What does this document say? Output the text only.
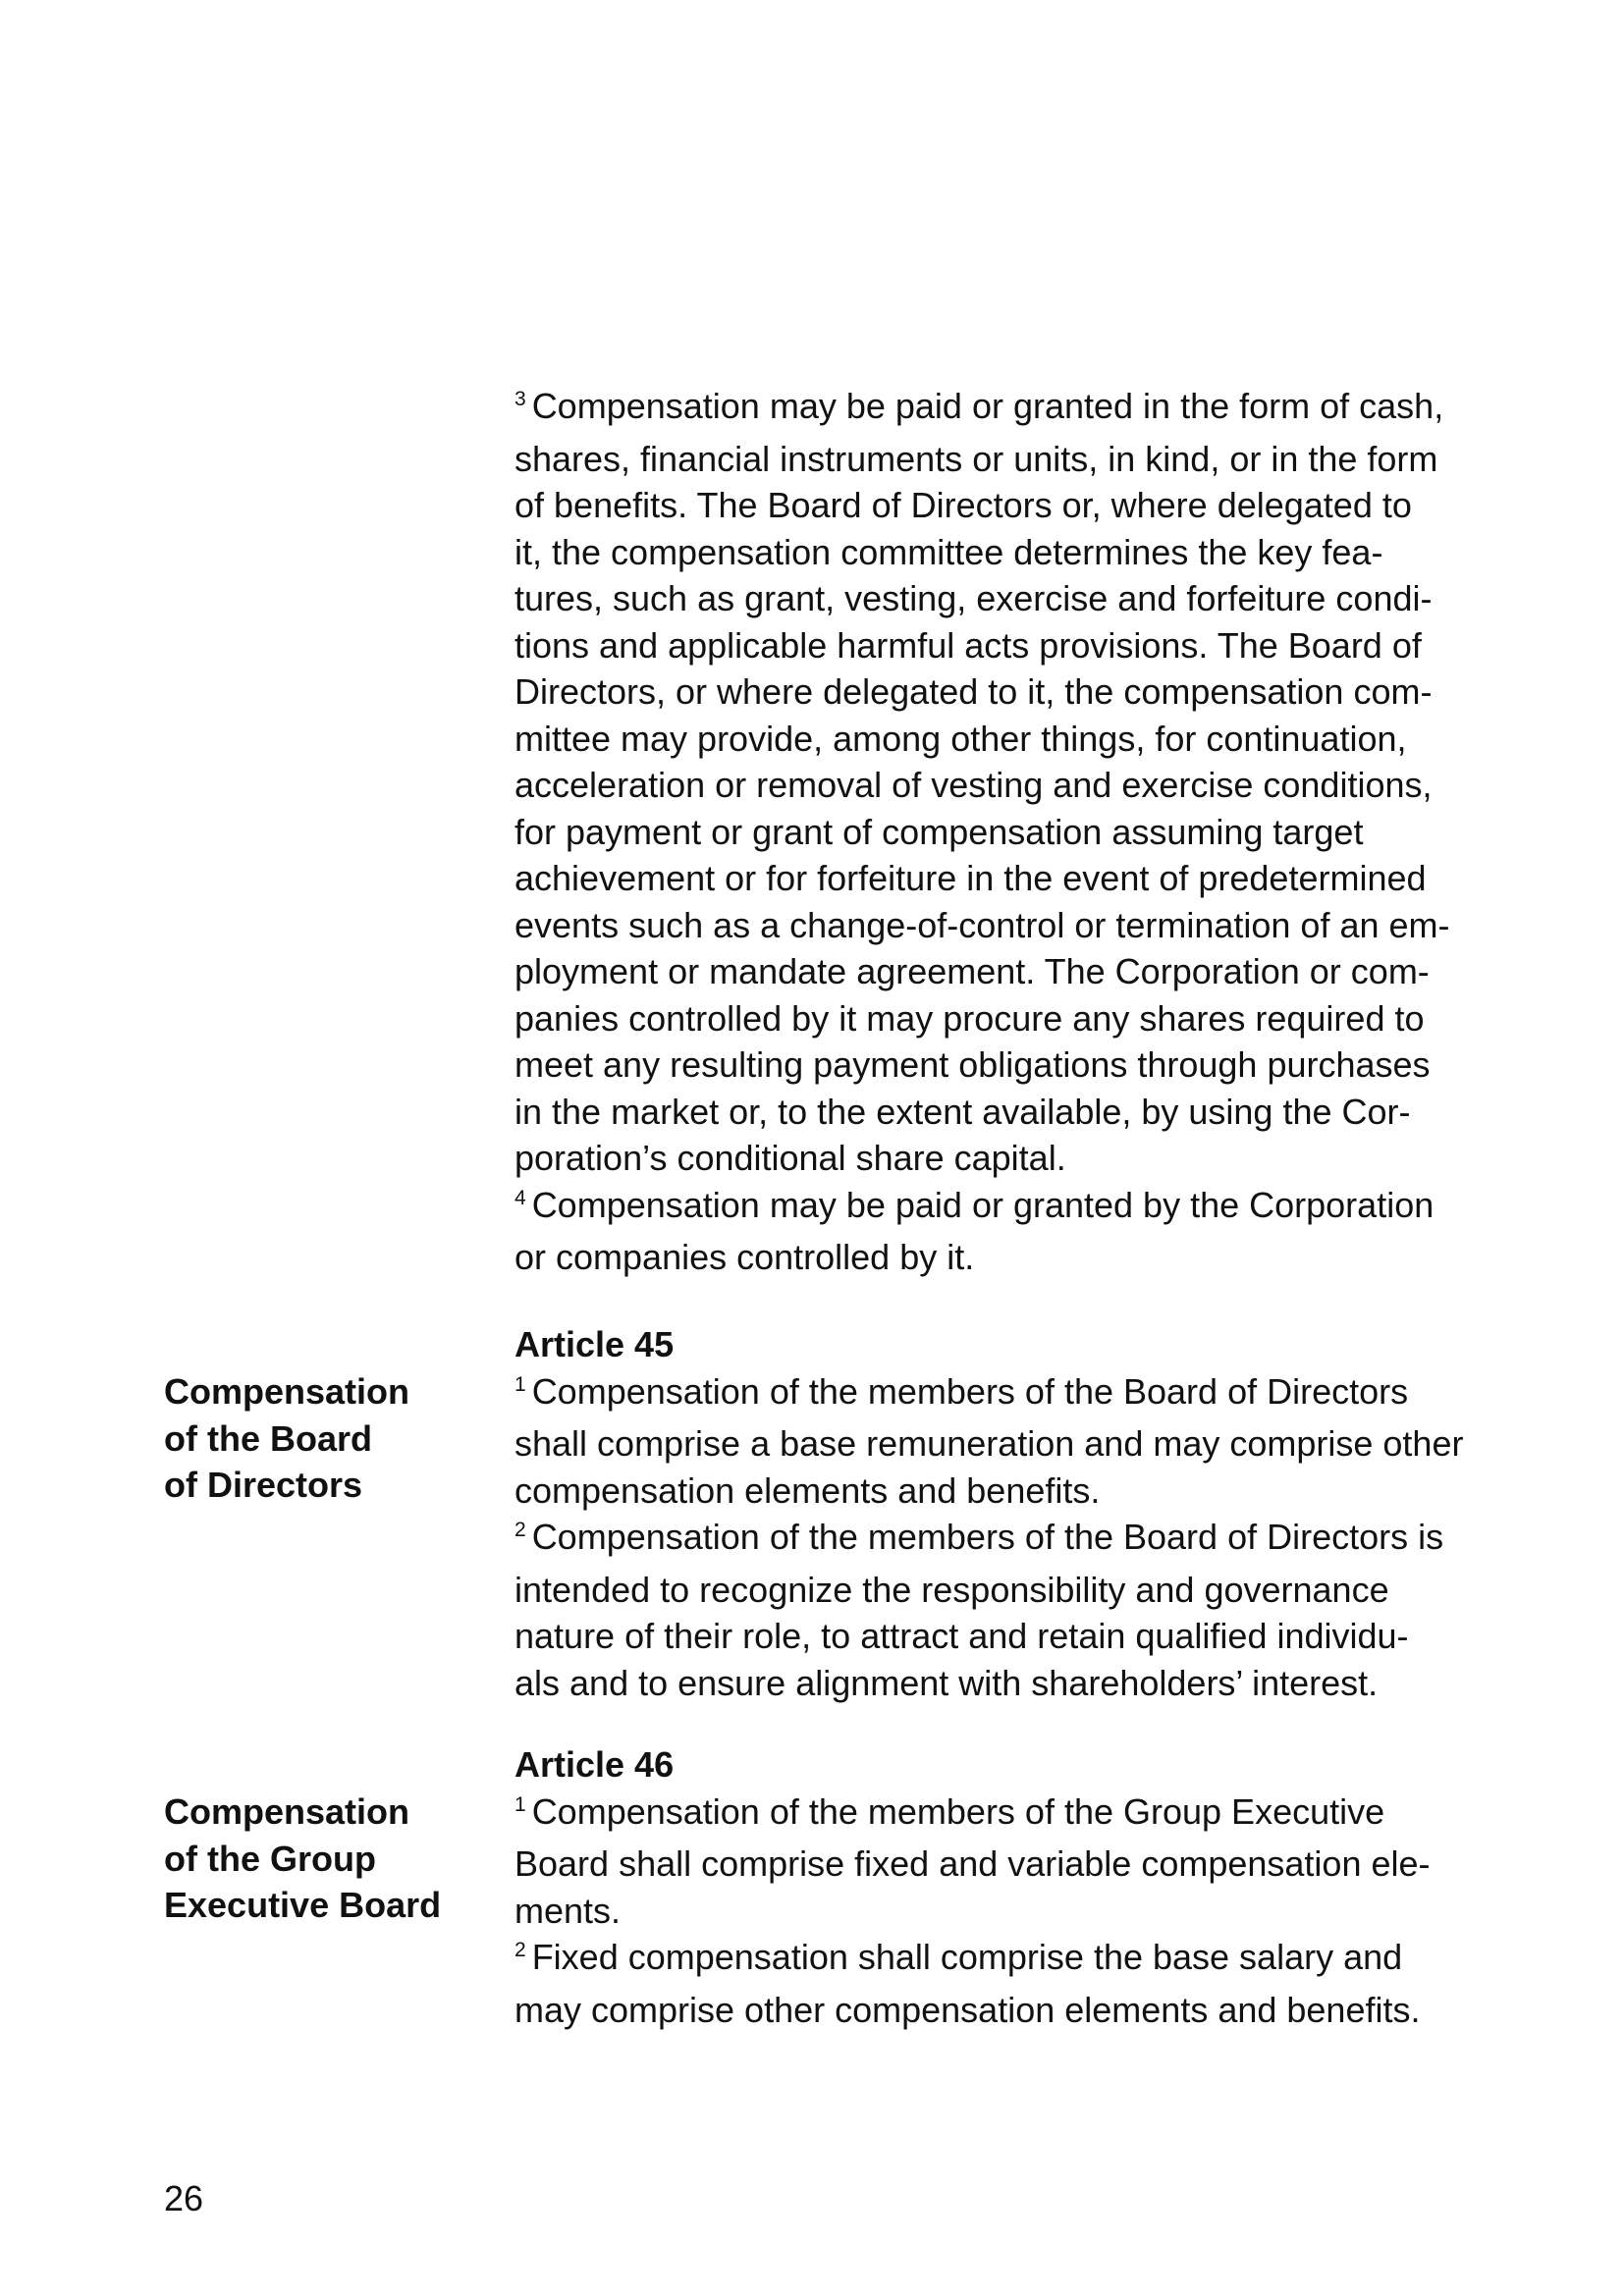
$^3$ Compensation may be paid or granted in the form of cash,
shares, financial instruments or units, in kind, or in the form
of benefits. The Board of Directors or, where delegated to
it, the compensation committee determines the key fea-
tures, such as grant, vesting, exercise and forfeiture condi-
tions and applicable harmful acts provisions. The Board of
Directors, or where delegated to it, the compensation com-
mittee may provide, among other things, for continuation,
acceleration or removal of vesting and exercise conditions,
for payment or grant of compensation assuming target
achievement or for forfeiture in the event of predetermined
events such as a change-of-control or termination of an em-
ployment or mandate agreement. The Corporation or com-
panies controlled by it may procure any shares required to
meet any resulting payment obligations through purchases
in the market or, to the extent available, by using the Cor-
poration’s conditional share capital.
$^4$ Compensation may be paid or granted by the Corporation
or companies controlled by it.
Article 45
$^1$ Compensation of the members of the Board of Directors
shall comprise a base remuneration and may comprise other
compensation elements and benefits.
$^2$ Compensation of the members of the Board of Directors is
intended to recognize the responsibility and governance
nature of their role, to attract and retain qualified individu-
als and to ensure alignment with shareholders’ interest.
Compensation
of the Board
of Directors
Article 46
$^1$ Compensation of the members of the Group Executive
Board shall comprise fixed and variable compensation ele-
ments.
$^2$ Fixed compensation shall comprise the base salary and
may comprise other compensation elements and benefits.
Compensation
of the Group
Executive Board
26
